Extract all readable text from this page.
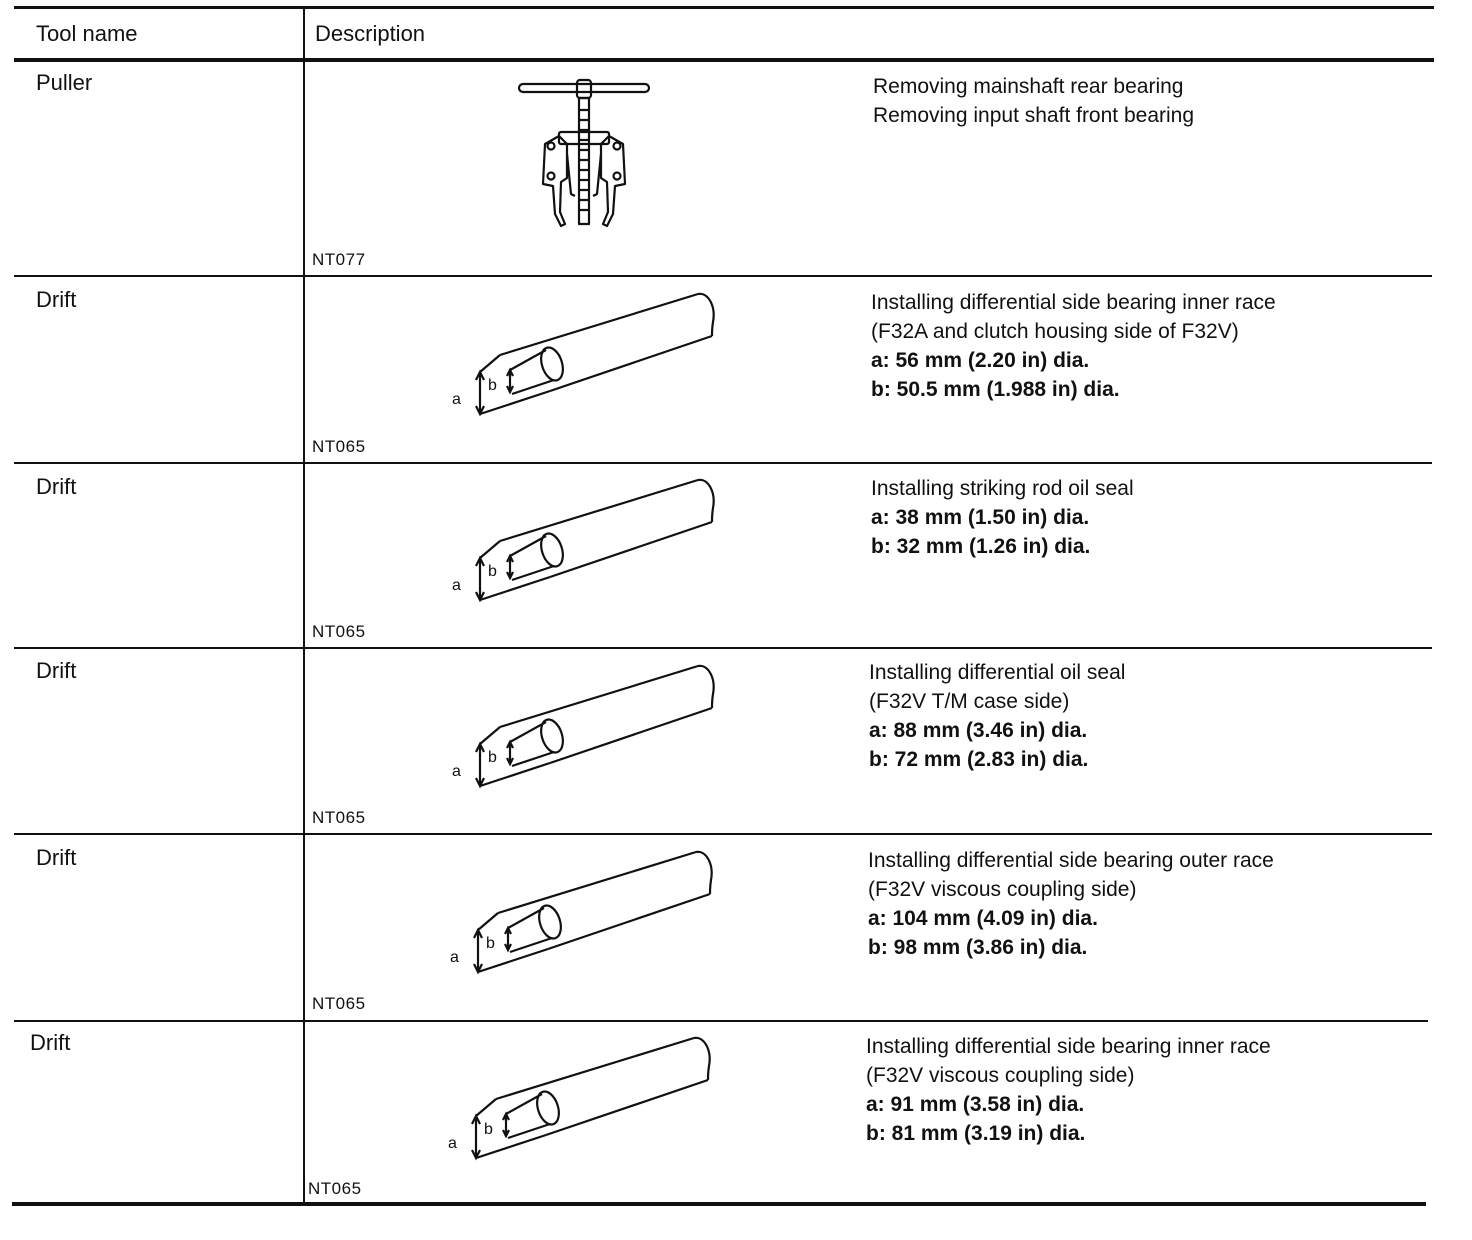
Tool name	Description
Puller
NT077
Removing mainshaft rear bearing
Removing input shaft front bearing
Drift
NT065
a
b
Installing differential side bearing inner race
(F32A and clutch housing side of F32V)
a: 56 mm (2.20 in) dia.
b: 50.5 mm (1.988 in) dia.
Drift
NT065
a
b
Installing striking rod oil seal
a: 38 mm (1.50 in) dia.
b: 32 mm (1.26 in) dia.
Drift
NT065
a
b
Installing differential oil seal
(F32V T/M case side)
a: 88 mm (3.46 in) dia.
b: 72 mm (2.83 in) dia.
Drift
NT065
a
b
Installing differential side bearing outer race
(F32V viscous coupling side)
a: 104 mm (4.09 in) dia.
b: 98 mm (3.86 in) dia.
Drift
NT065
a
b
Installing differential side bearing inner race
(F32V viscous coupling side)
a: 91 mm (3.58 in) dia.
b: 81 mm (3.19 in) dia.
